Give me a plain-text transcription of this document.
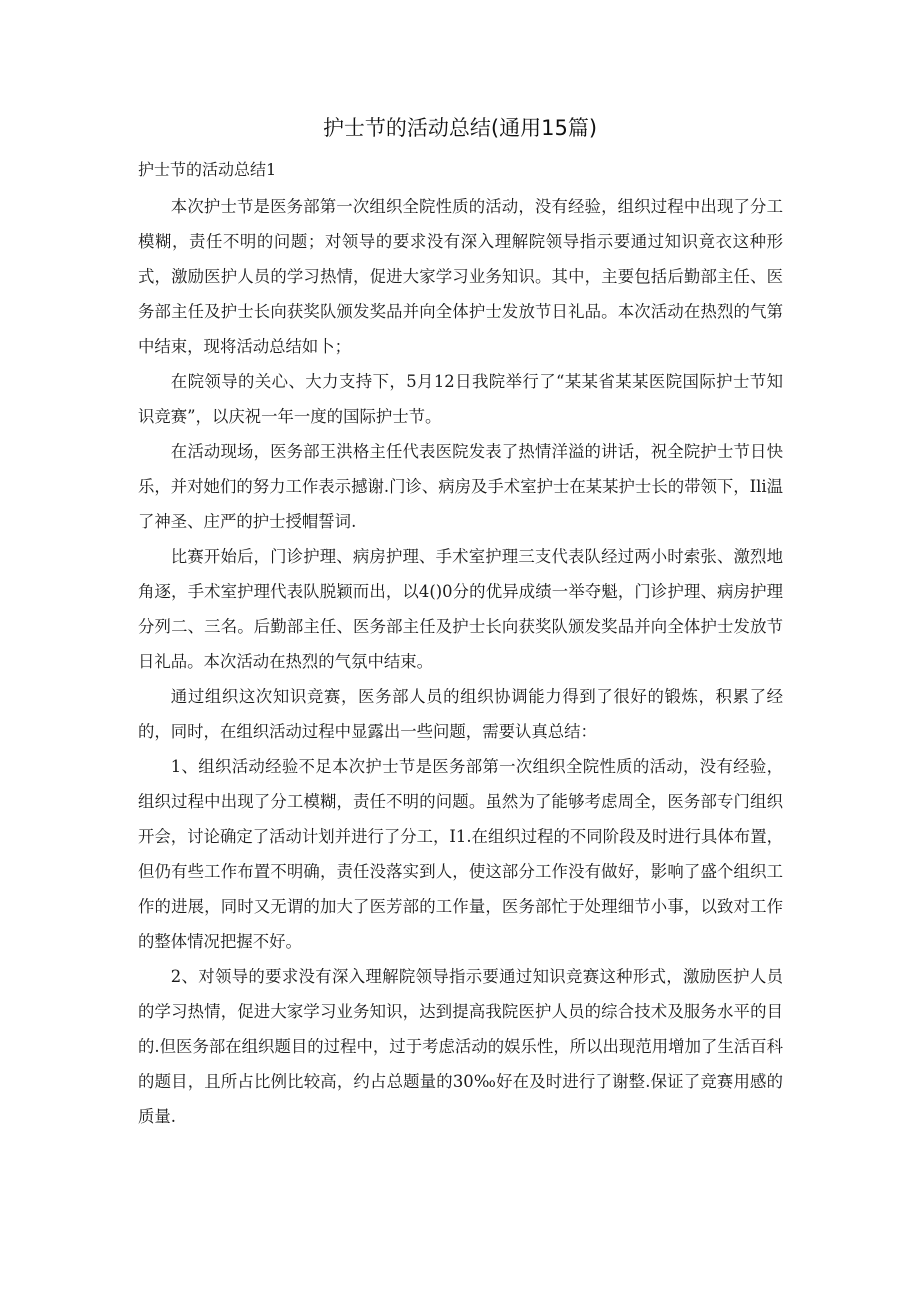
护士节的活动总结(通用15篇)
护士节的活动总结1

本次护士节是医务部第一次组织全院性质的活动，没有经验，组织过程中出现了分工模糊，责任不明的问题；对领导的要求没有深入理解院领导指示要通过知识竟衣这种形式，激励医护人员的学习热情，促进大家学习业务知识。其中，主要包括后勤部主任、医务部主任及护士长向获奖队颁发奖品并向全体护士发放节日礼品。本次活动在热烈的气第中结束，现将活动总结如卜；

在院领导的关心、大力支持下，5月12日我院举行了“某某省某某医院国际护士节知识竞赛”，以庆祝一年一度的国际护士节。

在活动现场，医务部王洪格主任代表医院发表了热情洋溢的讲话，祝全院护士节日快乐，并对她们的努力工作表示撼谢.门诊、病房及手术室护士在某某护士长的带领下，Ili温了神圣、庄严的护士授帽誓词.

比赛开始后，门诊护理、病房护理、手术室护理三支代表队经过两小时索张、激烈地角逐，手术室护理代表队脱颖而出，以4()0分的优异成绩一举夺魁，门诊护理、病房护理分列二、三名。后勤部主任、医务部主任及护士长向获奖队颁发奖品并向全体护士发放节日礼品。本次活动在热烈的气氛中结束。

通过组织这次知识竞赛，医务部人员的组织协调能力得到了很好的锻炼，积累了经的，同时，在组织活动过程中显露出一些问题，需要认真总结：

1、组织活动经验不足本次护士节是医务部第一次组织全院性质的活动，没有经验，组织过程中出现了分工模糊，责任不明的问题。虽然为了能够考虑周全，医务部专门组织开会，讨论确定了活动计划并进行了分工，I1.在组织过程的不同阶段及时进行具体布置，但仍有些工作布置不明确，责任没落实到人，使这部分工作没有做好，影响了盛个组织工作的进展，同时又无谓的加大了医芳部的工作量，医务部忙于处理细节小事，以致对工作的整体情况把握不好。

2、对领导的要求没有深入理解院领导指示要通过知识竞赛这种形式，激励医护人员的学习热情，促进大家学习业务知识，达到提高我院医护人员的综合技术及服务水平的目的.但医务部在组织题目的过程中，过于考虑活动的娱乐性，所以出现范用增加了生活百科的题目，且所占比例比较高，约占总题量的30‰好在及时进行了谢整.保证了竞赛用感的质量.
